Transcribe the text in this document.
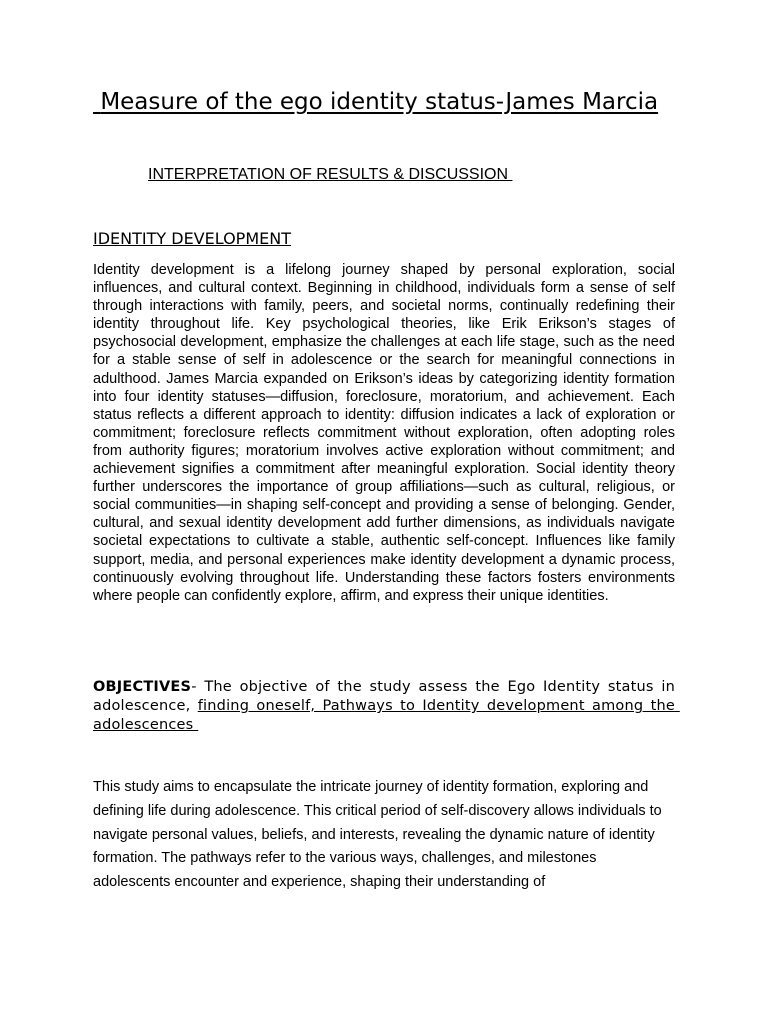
Measure of the ego identity status-James Marcia

INTERPRETATION OF RESULTS & DISCUSSION

IDENTITY DEVELOPMENT

Identity development is a lifelong journey shaped by personal exploration, social influences, and cultural context. Beginning in childhood, individuals form a sense of self through interactions with family, peers, and societal norms, continually redefining their identity throughout life. Key psychological theories, like Erik Erikson’s stages of psychosocial development, emphasize the challenges at each life stage, such as the need for a stable sense of self in adolescence or the search for meaningful connections in adulthood. James Marcia expanded on Erikson’s ideas by categorizing identity formation into four identity statuses—diffusion, foreclosure, moratorium, and achievement. Each status reflects a different approach to identity: diffusion indicates a lack of exploration or commitment; foreclosure reflects commitment without exploration, often adopting roles from authority figures; moratorium involves active exploration without commitment; and achievement signifies a commitment after meaningful exploration. Social identity theory further underscores the importance of group affiliations—such as cultural, religious, or social communities—in shaping self-concept and providing a sense of belonging. Gender, cultural, and sexual identity development add further dimensions, as individuals navigate societal expectations to cultivate a stable, authentic self-concept. Influences like family support, media, and personal experiences make identity development a dynamic process, continuously evolving throughout life. Understanding these factors fosters environments where people can confidently explore, affirm, and express their unique identities.

OBJECTIVES- The objective of the study assess the Ego Identity status in adolescence, finding oneself, Pathways to Identity development among the adolescences

This study aims to encapsulate the intricate journey of identity formation, exploring and defining life during adolescence. This critical period of self-discovery allows individuals to navigate personal values, beliefs, and interests, revealing the dynamic nature of identity formation. The pathways refer to the various ways, challenges, and milestones adolescents encounter and experience, shaping their understanding of
